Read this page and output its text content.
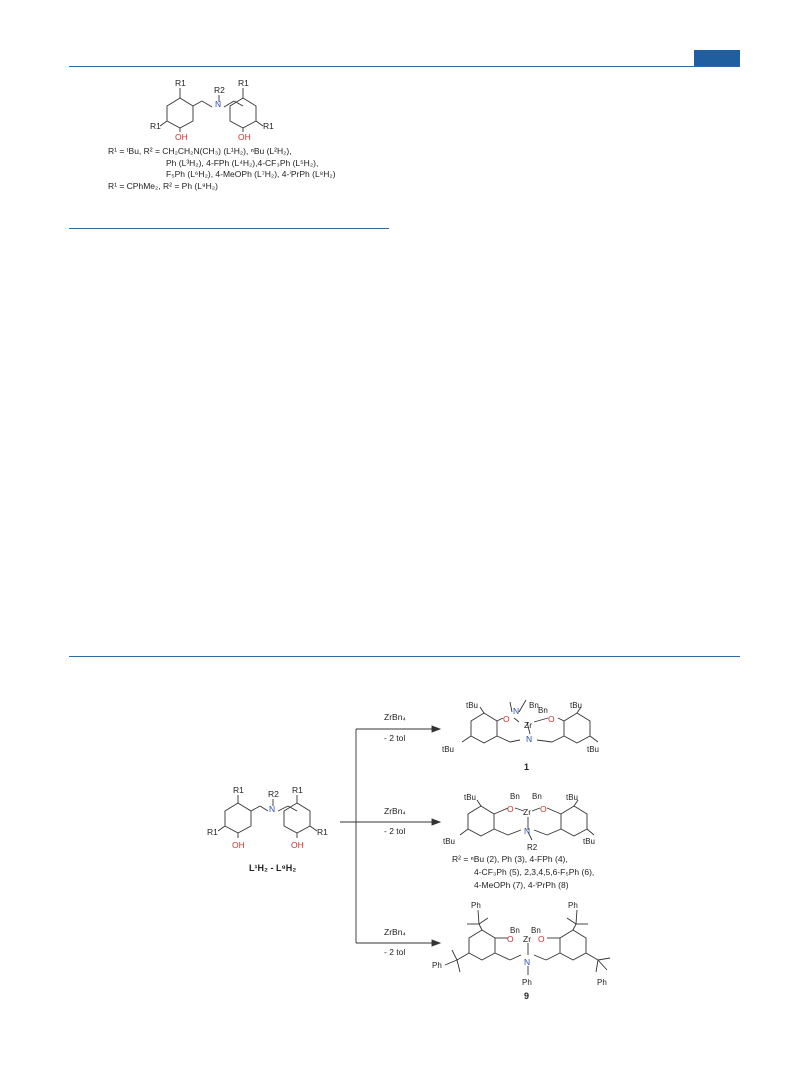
R1	R1
R1	R1
R2
N
OH	OH
R1	R1
R1	R1
R2
N
OH	OH
L¹H₂ - L⁹H₂
ZrBn₄
- 2 tol
ZrBn₄
- 2 tol
ZrBn₄
- 2 tol
tBu
tBu
tBu
tBu
O	O
N
N
Zr
Bn
Bn
1
tBu
tBu
tBu
tBu
O	O
Zr
Bn Bn
N
R2
R² = ⁿBu (2), Ph (3), 4-FPh (4),
4-CF₃Ph (5), 2,3,4,5,6-F₅Ph (6),
4-MeOPh (7), 4-ⁱPrPh (8)
Ph	Ph
Ph
Ph
O	O
Zr
Bn Bn
N
Ph
9
R¹ = ᵗBu, R² = CH₂CH₂N(CH₃) (L¹H₂), ⁿBu (L²H₂),
Ph (L³H₂), 4-FPh (L⁴H₂),4-CF₃Ph (L⁵H₂),
F₅Ph (L⁶H₂), 4-MeOPh (L⁷H₂), 4-ⁱPrPh (L⁸H₂)
R¹ = CPhMe₂, R² = Ph (L⁹H₂)
